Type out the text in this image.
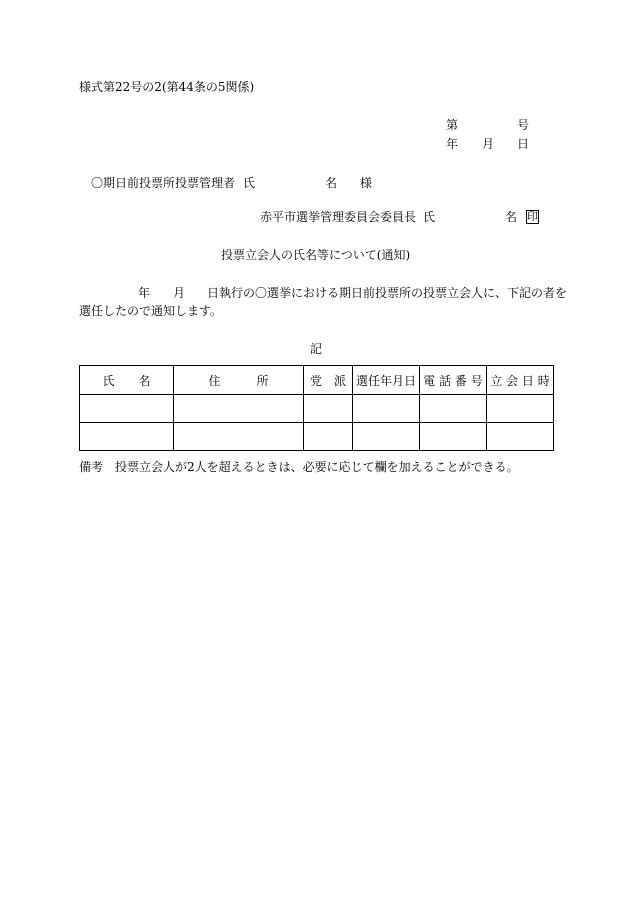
様式第22号の2(第44条の5関係)
第	号
年 月 日
〇期日前投票所投票管理者 氏	名 様
赤平市選挙管理委員会委員長 氏	名 印
投票立会人の氏名等について(通知)
年 月 日執行の〇選挙における期日前投票所の投票立会人に、下記の者を
選任したので通知します。
記
氏　　名	住　　　所	党　派	選任年月日	電 話 番 号	立 会 日 時

備考　投票立会人が2人を超えるときは、必要に応じて欄を加えることができる。
